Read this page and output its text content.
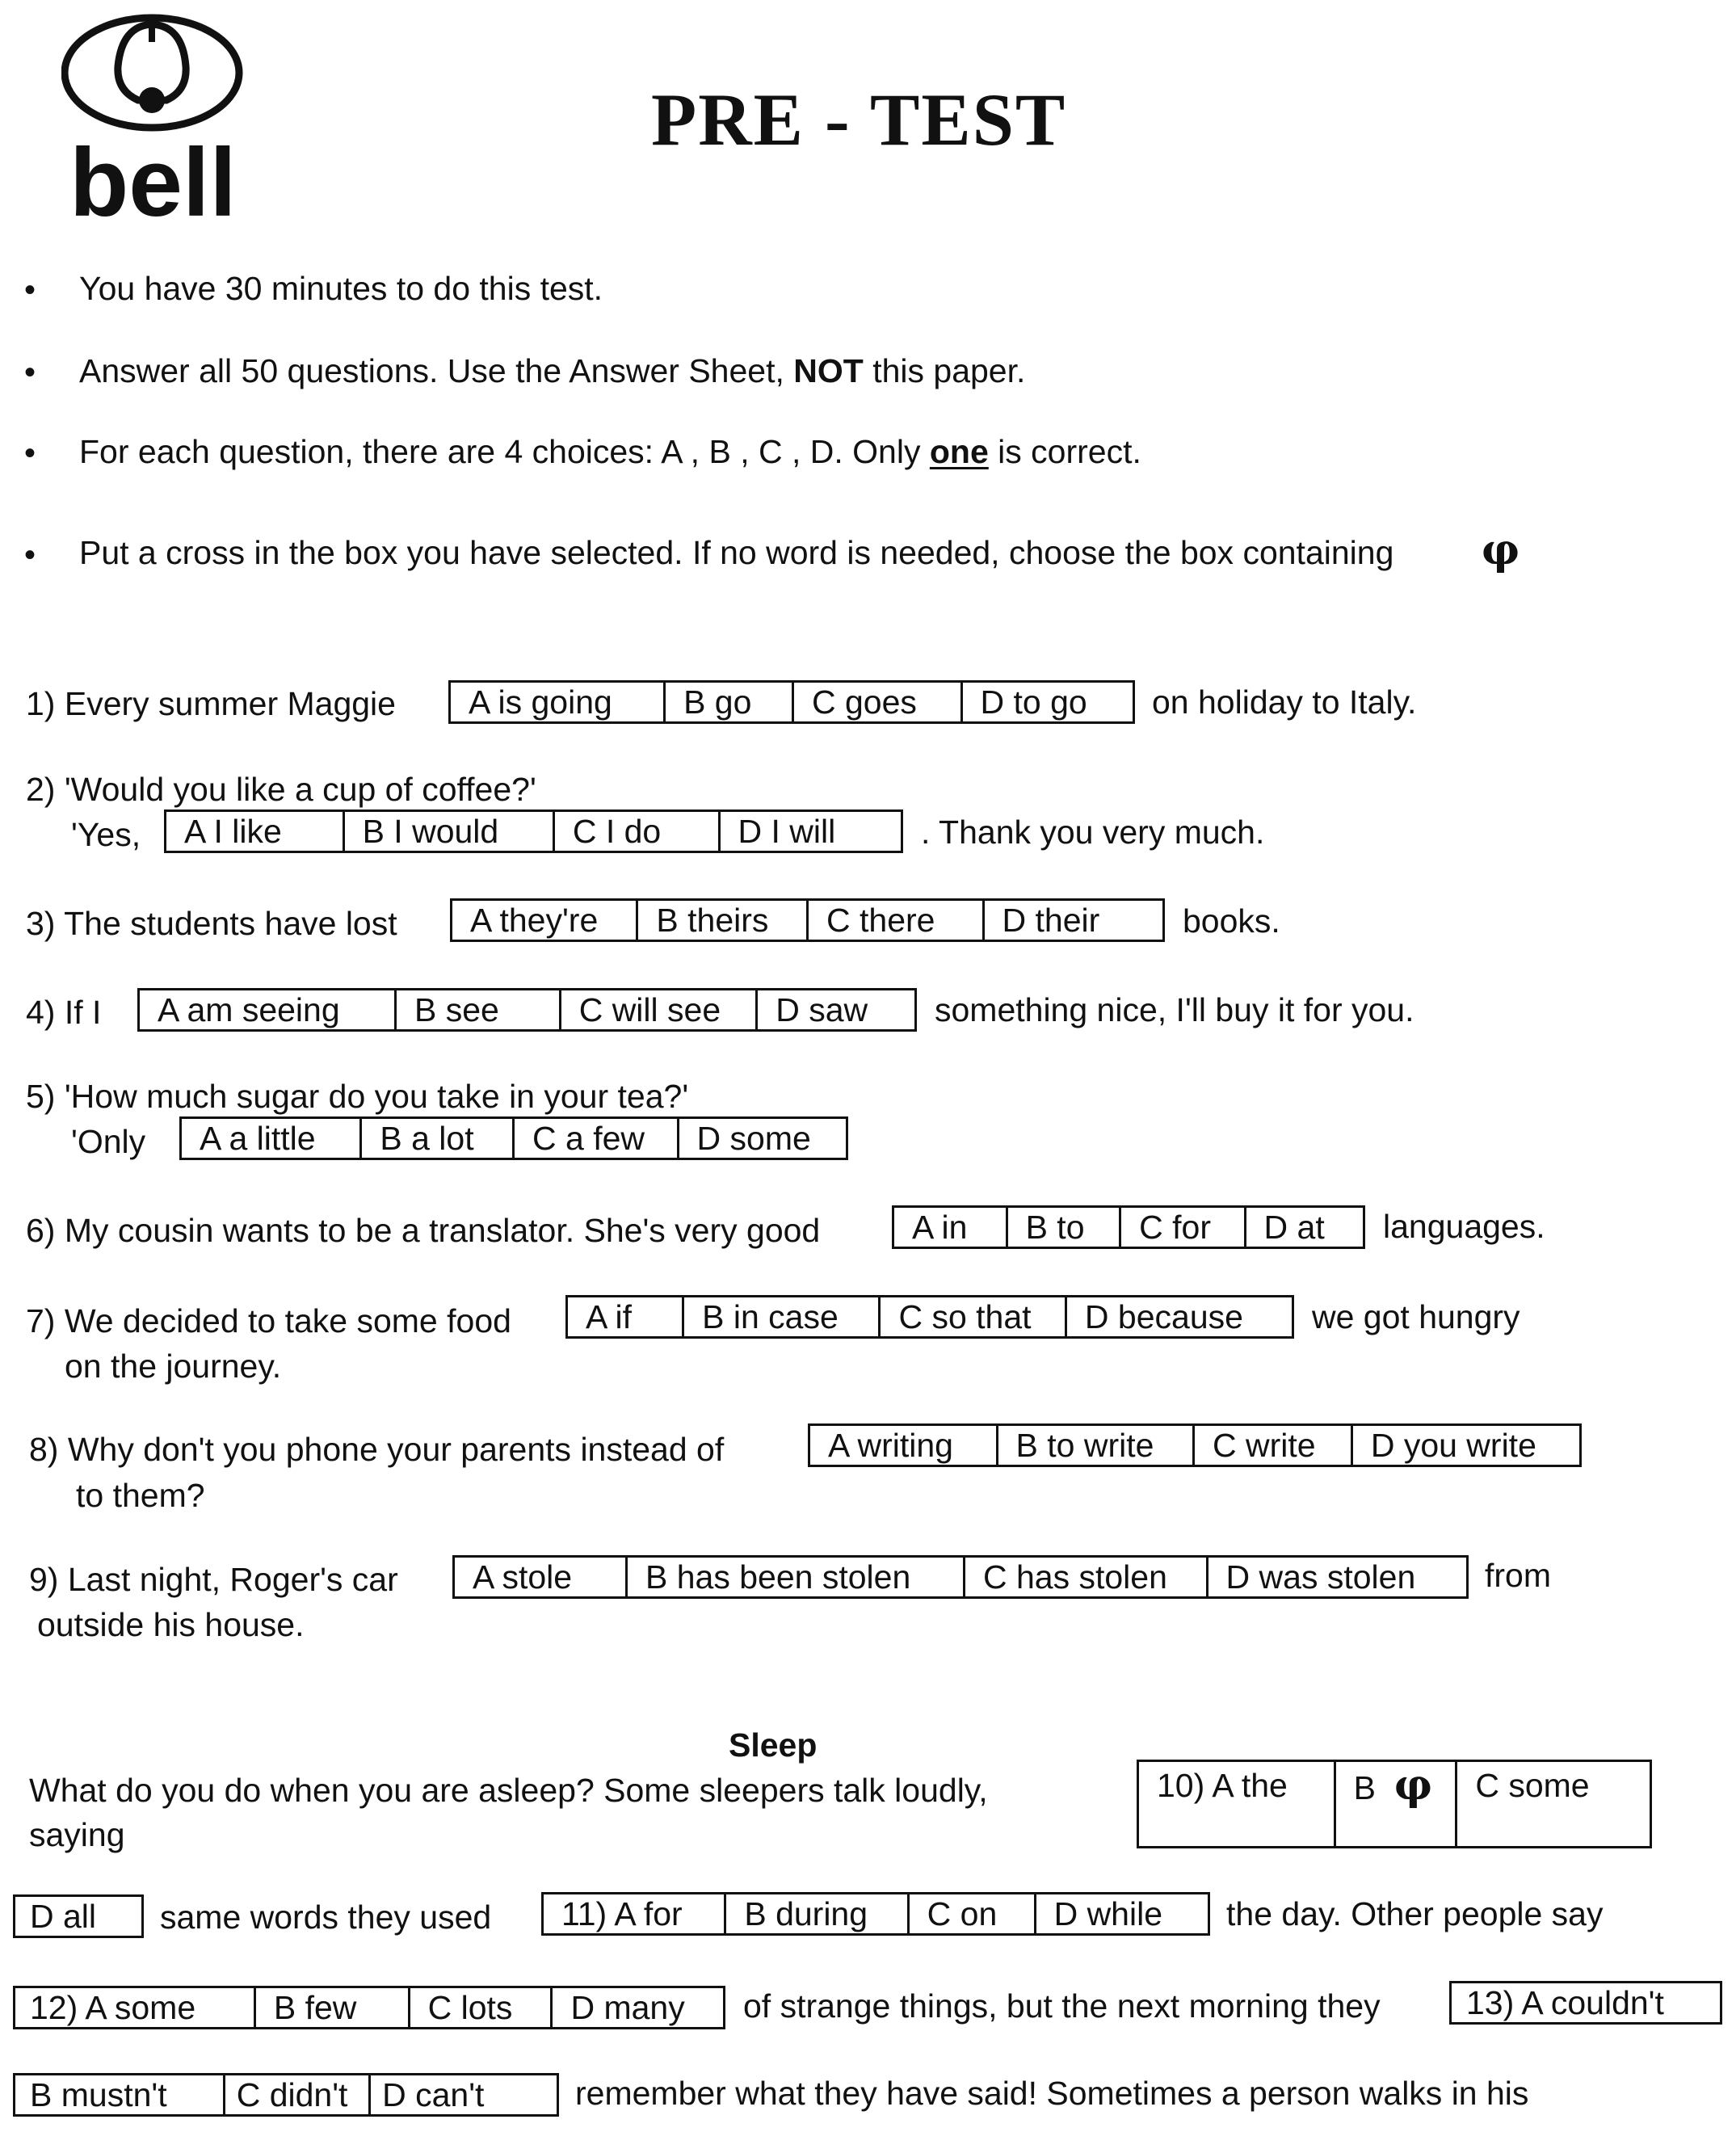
bell
PRE - TEST
• You have 30 minutes to do this test.
• Answer all 50 questions. Use the Answer Sheet, NOT this paper.
• For each question, there are 4 choices: A , B , C , D. Only one is correct.
• Put a cross in the box you have selected. If no word is needed, choose the box containing φ
1) Every summer Maggie	A is going	B go	C goes	D to go	on holiday to Italy.
2) 'Would you like a cup of coffee?'
'Yes,	A I like	B I would	C I do	D I will	. Thank you very much.
3) The students have lost	A they're	B theirs	C there	D their	books.
4) If I	A am seeing	B see	C will see	D saw	something nice, I'll buy it for you.
5) 'How much sugar do you take in your tea?'
'Only	A a little	B a lot	C a few	D some
6) My cousin wants to be a translator. She's very good	A in	B to	C for	D at	languages.
7) We decided to take some food	A if	B in case	C so that	D because	we got hungry
on the journey.
8) Why don't you phone your parents instead of	A writing	B to write	C write	D you write
to them?
9) Last night, Roger's car	A stole	B has been stolen	C has stolen	D was stolen	from
outside his house.
Sleep
What do you do when you are asleep? Some sleepers talk loudly,
saying
10) A the	B φ	C some
D all	same words they used	11) A for	B during	C on	D while	the day. Other people say
12) A some	B few	C lots	D many	of strange things, but the next morning they	13) A couldn't
B mustn't	C didn't	D can't	remember what they have said! Sometimes a person walks in his
